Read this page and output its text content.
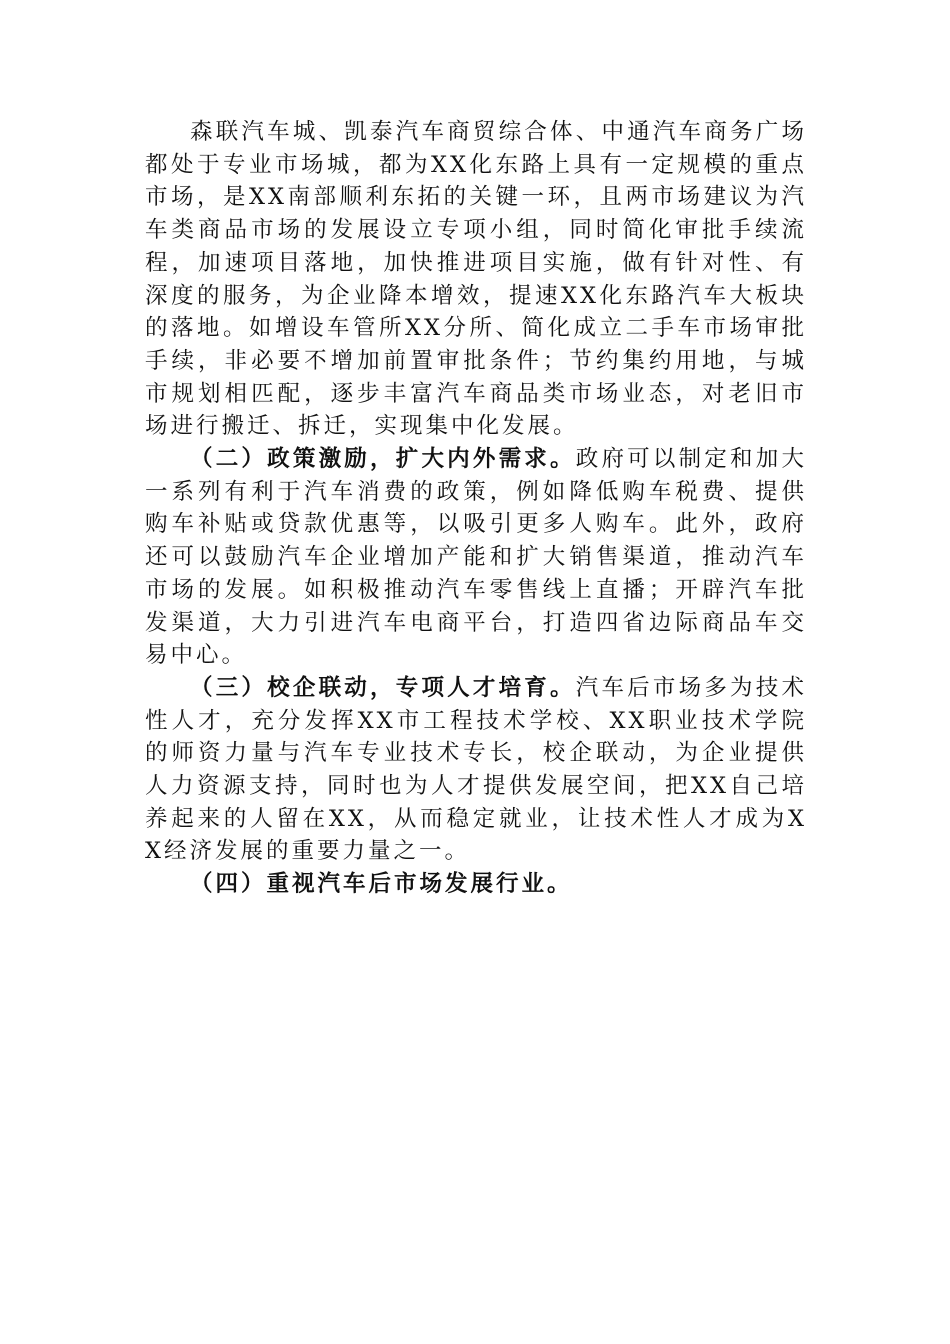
森联汽车城、凯泰汽车商贸综合体、中通汽车商务广场都处于专业市场城，都为XX化东路上具有一定规模的重点市场，是XX南部顺利东拓的关键一环，且两市场建议为汽车类商品市场的发展设立专项小组，同时简化审批手续流程，加速项目落地，加快推进项目实施，做有针对性、有深度的服务，为企业降本增效，提速XX化东路汽车大板块的落地。如增设车管所XX分所、简化成立二手车市场审批手续，非必要不增加前置审批条件；节约集约用地，与城市规划相匹配，逐步丰富汽车商品类市场业态，对老旧市场进行搬迁、拆迁，实现集中化发展。

（二）政策激励，扩大内外需求。政府可以制定和加大一系列有利于汽车消费的政策，例如降低购车税费、提供购车补贴或贷款优惠等，以吸引更多人购车。此外，政府还可以鼓励汽车企业增加产能和扩大销售渠道，推动汽车市场的发展。如积极推动汽车零售线上直播；开辟汽车批发渠道，大力引进汽车电商平台，打造四省边际商品车交易中心。

（三）校企联动，专项人才培育。汽车后市场多为技术性人才，充分发挥XX市工程技术学校、XX职业技术学院的师资力量与汽车专业技术专长，校企联动，为企业提供人力资源支持，同时也为人才提供发展空间，把XX自己培养起来的人留在XX，从而稳定就业，让技术性人才成为XX经济发展的重要力量之一。

（四）重视汽车后市场发展行业。
